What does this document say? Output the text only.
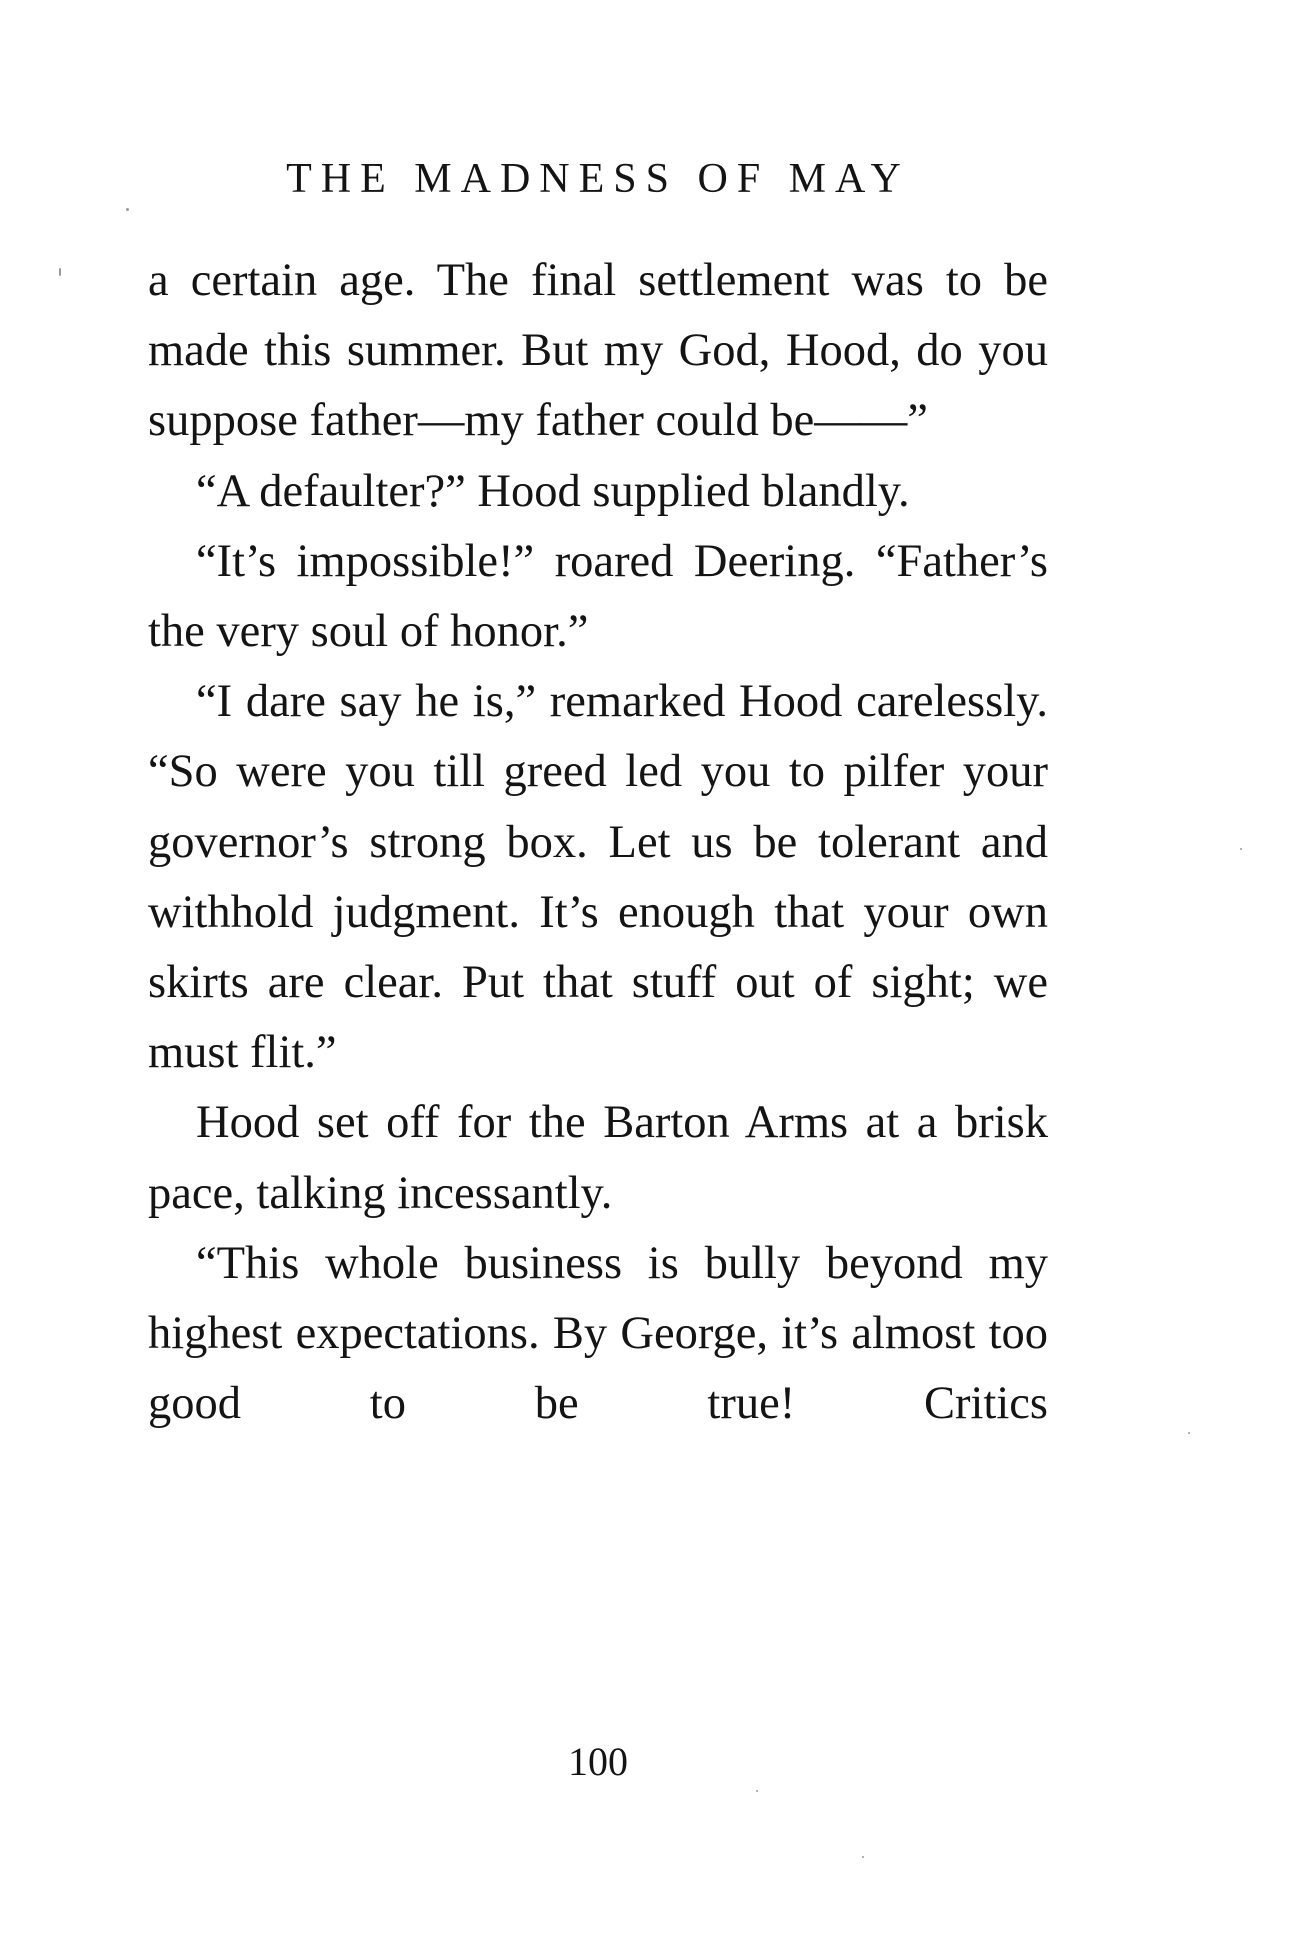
THE MADNESS OF MAY

a certain age. The final settlement was to be made this summer. But my God, Hood, do you suppose father—my father could be——”

“A defaulter?” Hood supplied blandly.

“It’s impossible!” roared Deering. “Father’s the very soul of honor.”

“I dare say he is,” remarked Hood carelessly. “So were you till greed led you to pilfer your governor’s strong box. Let us be tolerant and withhold judgment. It’s enough that your own skirts are clear. Put that stuff out of sight; we must flit.”

Hood set off for the Barton Arms at a brisk pace, talking incessantly.

“This whole business is bully beyond my highest expectations. By George, it’s almost too good to be true! Critics

100
